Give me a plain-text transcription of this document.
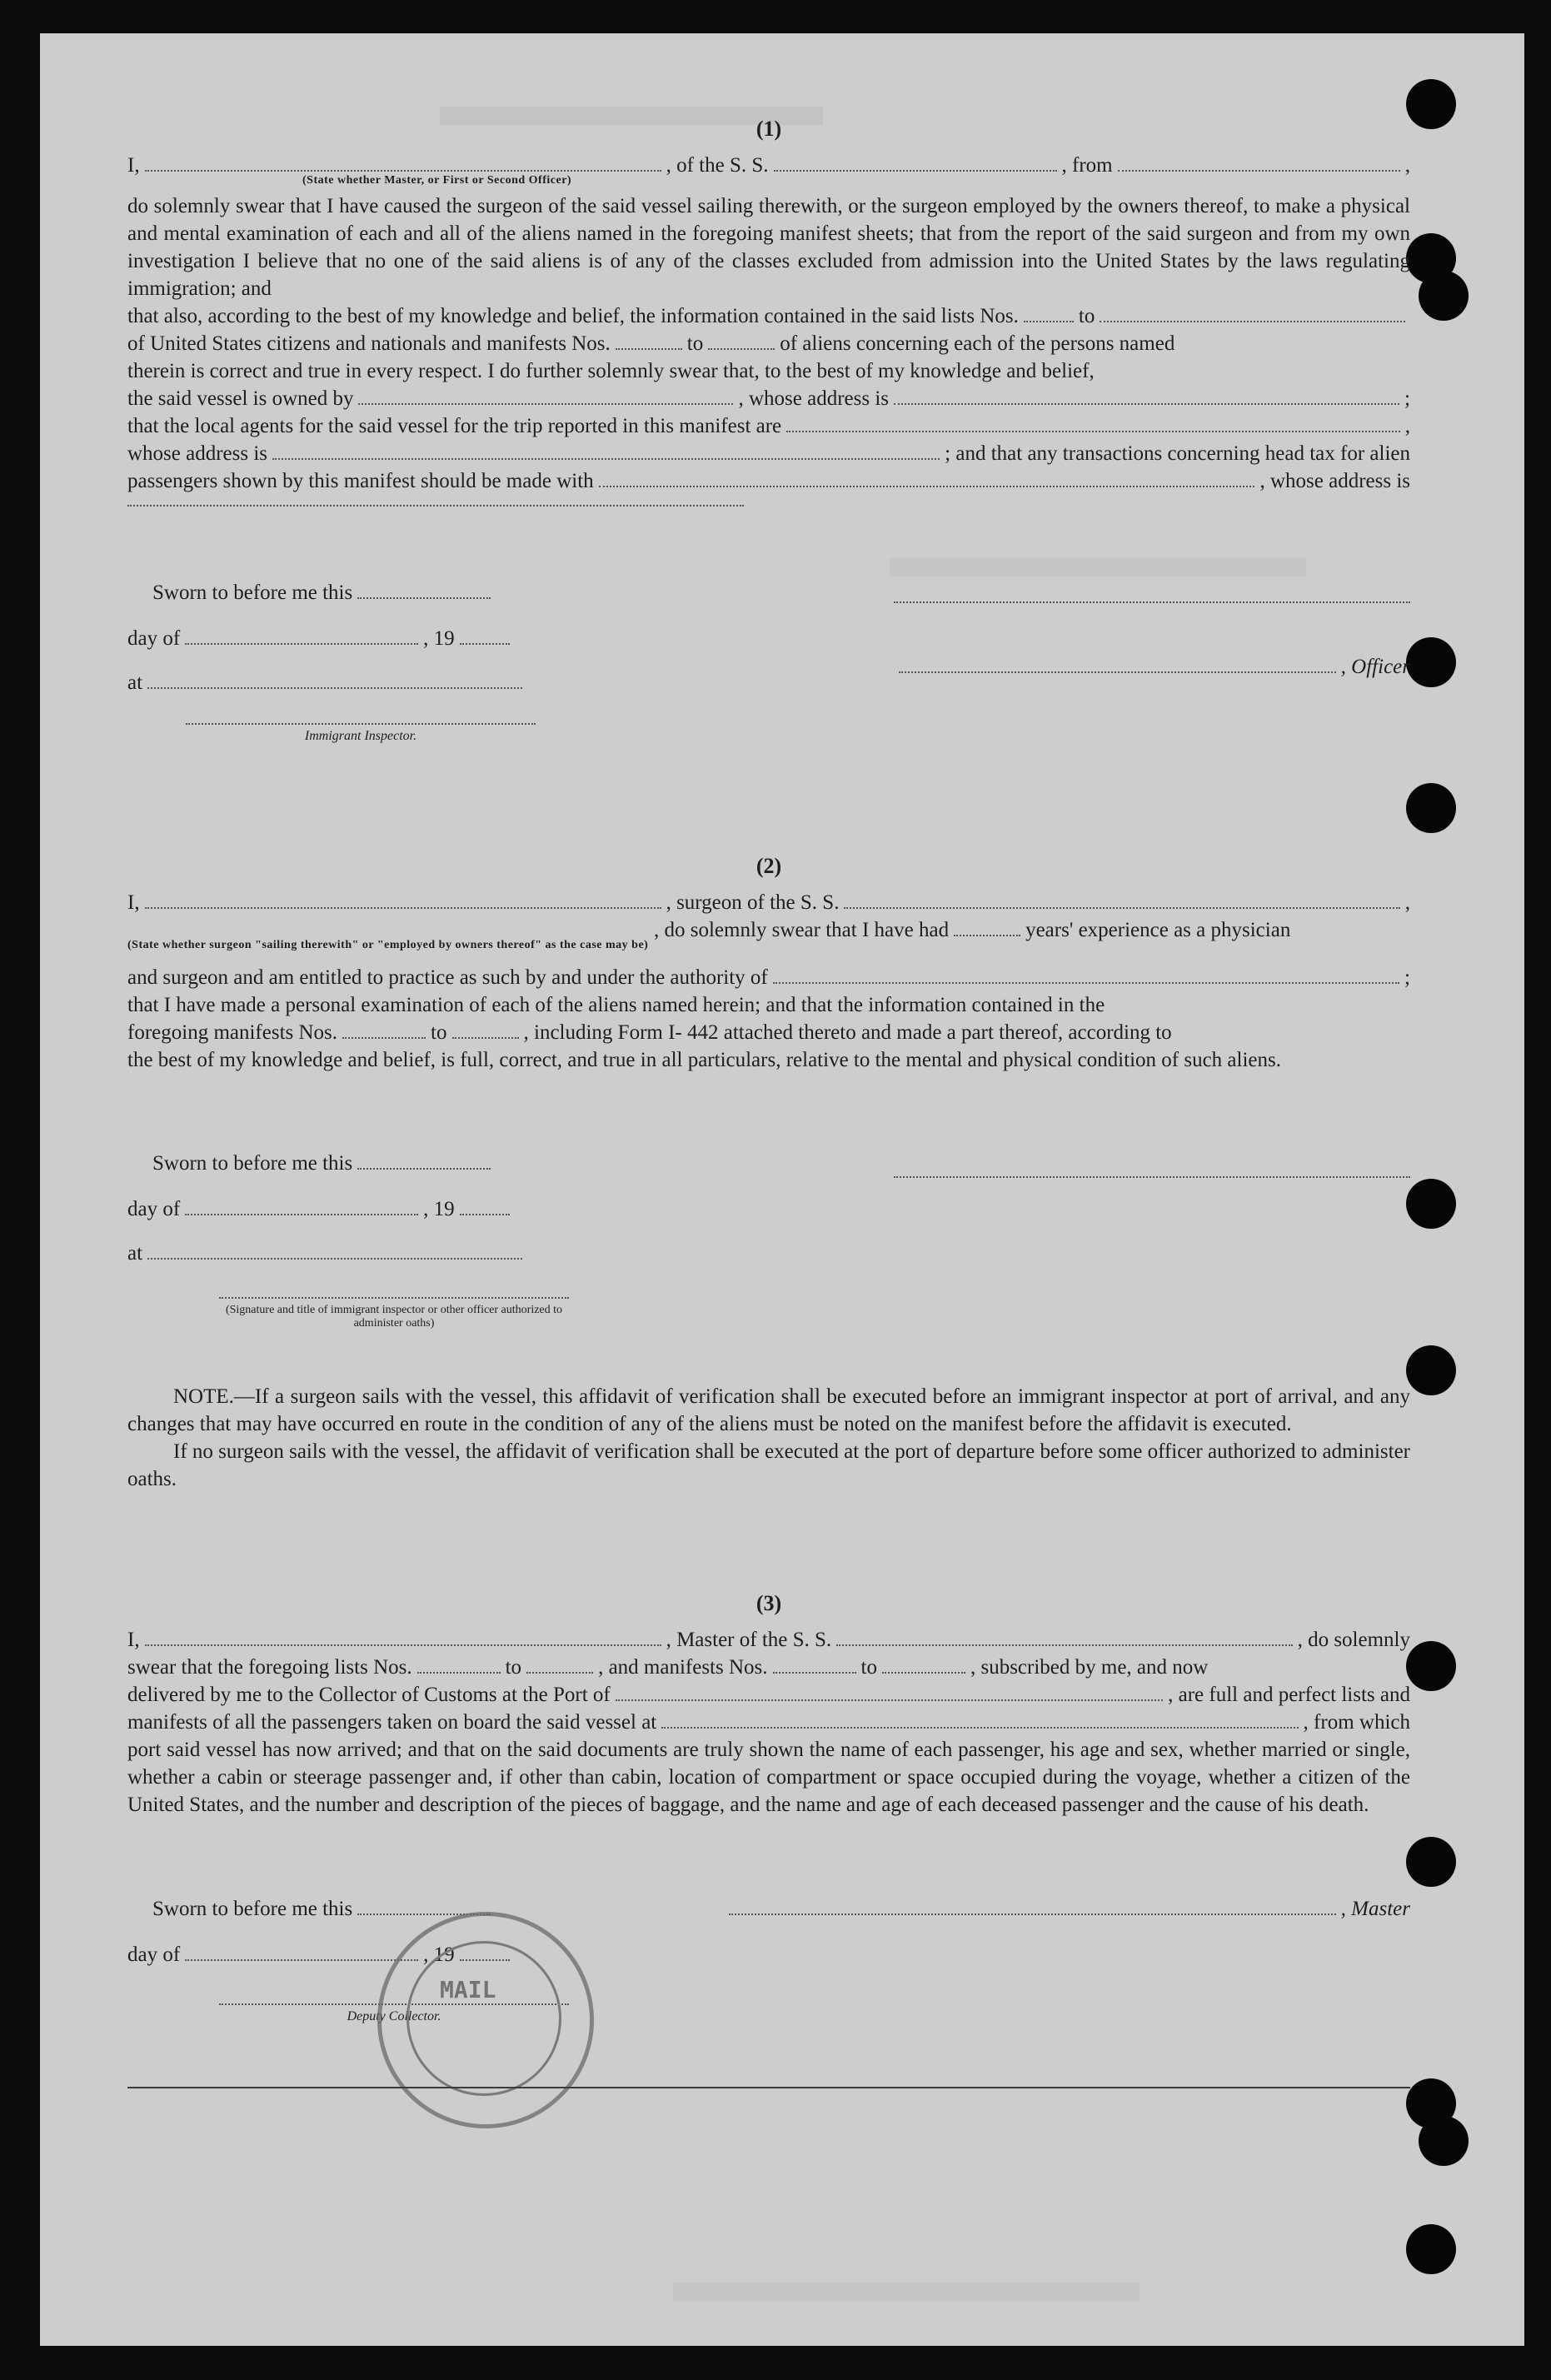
(1)
I,	, of the S. S.	, from	,
(State whether Master, or First or Second Officer)

do solemnly swear that I have caused the surgeon of the said vessel sailing therewith, or the surgeon employed by the owners thereof, to make a physical and mental examination of each and all of the aliens named in the foregoing manifest sheets; that from the report of the said surgeon and from my own investigation I believe that no one of the said aliens is of any of the classes excluded from admission into the United States by the laws regulating immigration; and

that also, according to the best of my knowledge and belief, the information contained in the said lists Nos.	to
of United States citizens and nationals and manifests Nos.	to	of aliens concerning each of the persons named

therein is correct and true in every respect. I do further solemnly swear that, to the best of my knowledge and belief,

the said vessel is owned by	, whose address is	;
that the local agents for the said vessel for the trip reported in this manifest are	,
whose address is	; and that any transactions concerning head tax for alien
passengers shown by this manifest should be made with	, whose address is
Sworn to before me this
day of	, 19
at
Immigrant Inspector.
, Officer
(2)
I,	, surgeon of the S. S.	,
, do solemnly swear that I have had	years' experience as a physician
(State whether surgeon "sailing therewith" or "employed by owners thereof" as the case may be)
and surgeon and am entitled to practice as such by and under the authority of	;

that I have made a personal examination of each of the aliens named herein; and that the information contained in the

foregoing manifests Nos.	to	, including Form I- 442 attached thereto and made a part thereof, according to

the best of my knowledge and belief, is full, correct, and true in all particulars, relative to the mental and physical condition of such aliens.

Sworn to before me this
day of	, 19
at
(Signature and title of immigrant inspector or other officer authorized to administer oaths)

NOTE.—If a surgeon sails with the vessel, this affidavit of verification shall be executed before an immigrant inspector at port of arrival, and any changes that may have occurred en route in the condition of any of the aliens must be noted on the manifest before the affidavit is executed.

If no surgeon sails with the vessel, the affidavit of verification shall be executed at the port of departure before some officer authorized to administer oaths.

(3)
I,	, Master of the S. S.	, do solemnly
swear that the foregoing lists Nos.	to	, and manifests Nos.	to	, subscribed by me, and now
delivered by me to the Collector of Customs at the Port of	, are full and perfect lists and
manifests of all the passengers taken on board the said vessel at	, from which

port said vessel has now arrived; and that on the said documents are truly shown the name of each passenger, his age and sex, whether married or single, whether a cabin or steerage passenger and, if other than cabin, location of compartment or space occupied during the voyage, whether a citizen of the United States, and the number and description of the pieces of baggage, and the name and age of each deceased passenger and the cause of his death.

Sworn to before me this	, Master
day of	, 19
Deputy Collector.
MAIL
